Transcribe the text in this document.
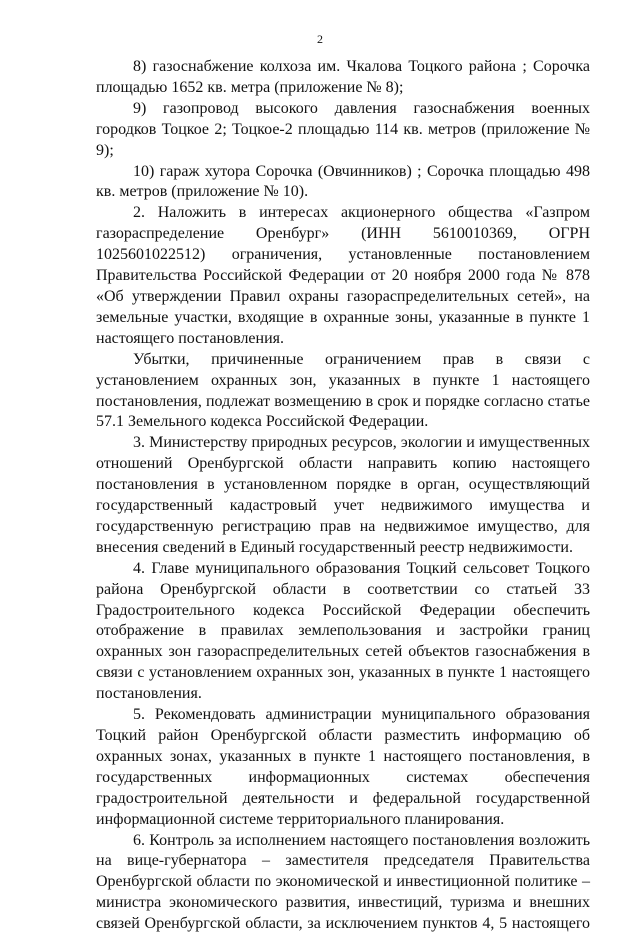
2

8) газоснабжение колхоза им. Чкалова Тоцкого района ; Сорочка площадью 1652 кв. метра (приложение № 8);

9) газопровод высокого давления газоснабжения военных городков Тоцкое 2; Тоцкое-2 площадью 114 кв. метров (приложение № 9);

10) гараж хутора Сорочка (Овчинников) ; Сорочка площадью 498 кв. метров (приложение № 10).

2. Наложить в интересах акционерного общества «Газпром газораспределение Оренбург» (ИНН 5610010369, ОГРН 1025601022512) ограничения, установленные постановлением Правительства Российской Федерации от 20 ноября 2000 года № 878 «Об утверждении Правил охраны газораспределительных сетей», на земельные участки, входящие в охранные зоны, указанные в пункте 1 настоящего постановления.

Убытки, причиненные ограничением прав в связи с установлением охранных зон, указанных в пункте 1 настоящего постановления, подлежат возмещению в срок и порядке согласно статье 57.1 Земельного кодекса Российской Федерации.

3. Министерству природных ресурсов, экологии и имущественных отношений Оренбургской области направить копию настоящего постановления в установленном порядке в орган, осуществляющий государственный кадастровый учет недвижимого имущества и государственную регистрацию прав на недвижимое имущество, для внесения сведений в Единый государственный реестр недвижимости.

4. Главе муниципального образования Тоцкий сельсовет Тоцкого района Оренбургской области в соответствии со статьей 33 Градостроительного кодекса Российской Федерации обеспечить отображение в правилах землепользования и застройки границ охранных зон газораспределительных сетей объектов газоснабжения в связи с установлением охранных зон, указанных в пункте 1 настоящего постановления.

5. Рекомендовать администрации муниципального образования Тоцкий район Оренбургской области разместить информацию об охранных зонах, указанных в пункте 1 настоящего постановления, в государственных информационных системах обеспечения градостроительной деятельности и федеральной государственной информационной системе территориального планирования.

6. Контроль за исполнением настоящего постановления возложить на вице-губернатора – заместителя председателя Правительства Оренбургской области по экономической и инвестиционной политике – министра экономического развития, инвестиций, туризма и внешних связей Оренбургской области, за исключением пунктов 4, 5 настоящего
